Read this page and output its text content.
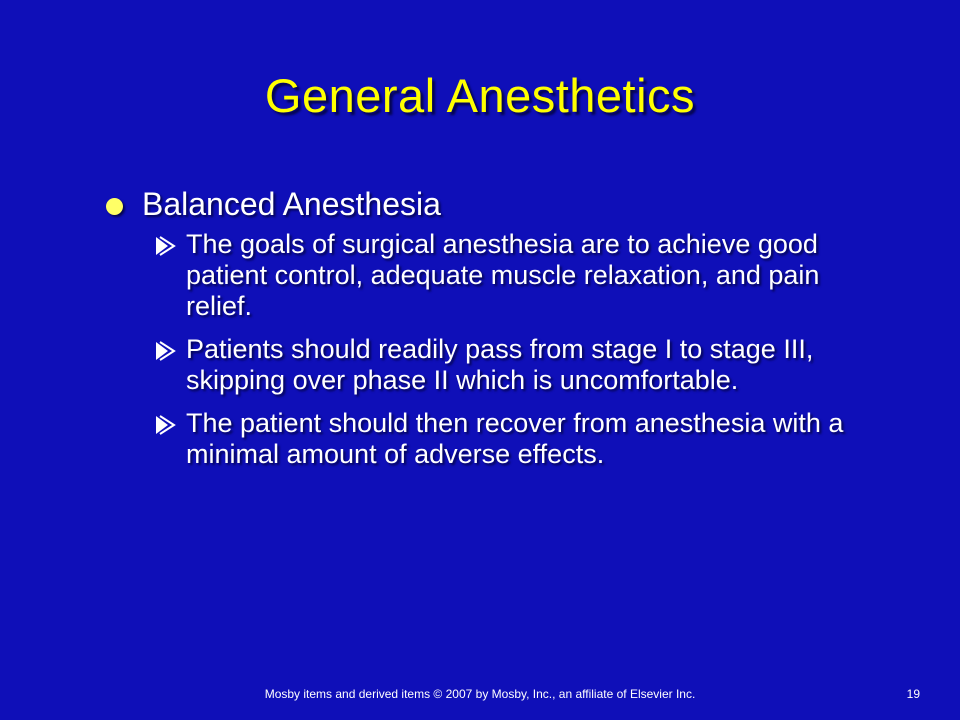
General Anesthetics
Balanced Anesthesia
The goals of surgical anesthesia are to achieve good patient control, adequate muscle relaxation, and pain relief.
Patients should readily pass from stage I to stage III, skipping over phase II which is uncomfortable.
The patient should then recover from anesthesia with a minimal amount of adverse effects.
Mosby items and derived items © 2007 by Mosby, Inc., an affiliate of Elsevier Inc.	19
